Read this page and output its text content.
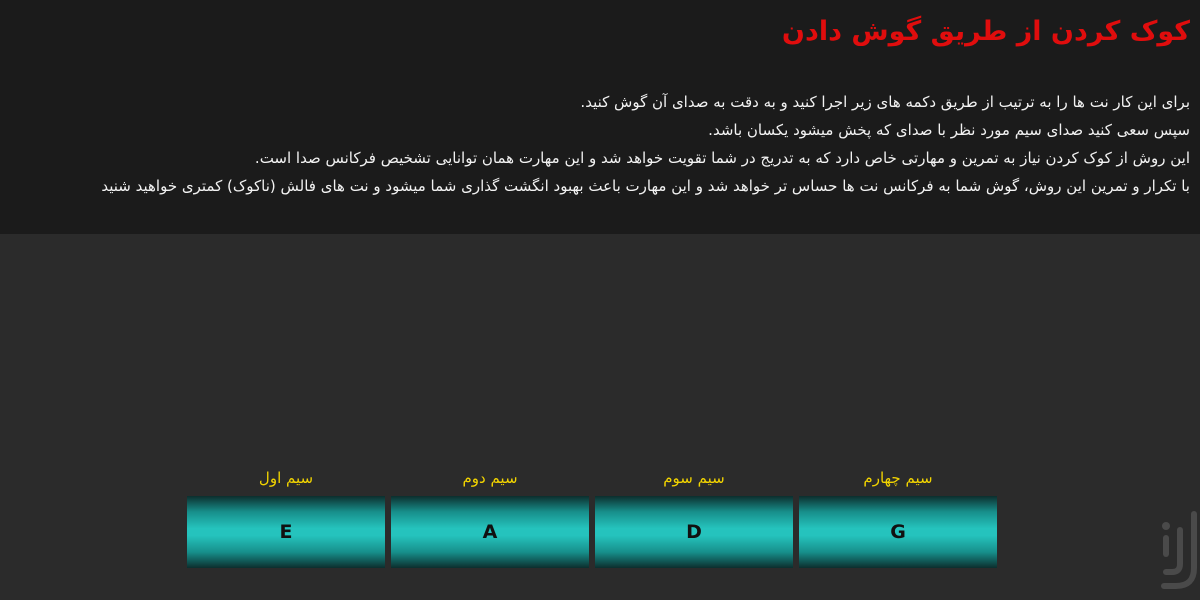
کوک کردن از طریق گوش دادن

برای این کار نت ها را به ترتیب از طریق دکمه های زیر اجرا کنید و به دقت به صدای آن گوش کنید.

سپس سعی کنید صدای سیم مورد نظر با صدای که پخش میشود یکسان باشد.

این روش از کوک کردن نیاز به تمرین و مهارتی خاص دارد که به تدریج در شما تقویت خواهد شد و این مهارت همان توانایی تشخیص فرکانس صدا است.

با تکرار و تمرین این روش، گوش شما به فرکانس نت ها حساس تر خواهد شد و این مهارت باعث بهبود انگشت گذاری شما میشود و نت های فالش (ناکوک) کمتری خواهید شنید

سیم اول
E
سیم دوم
A
سیم سوم
D
سیم چهارم
G
